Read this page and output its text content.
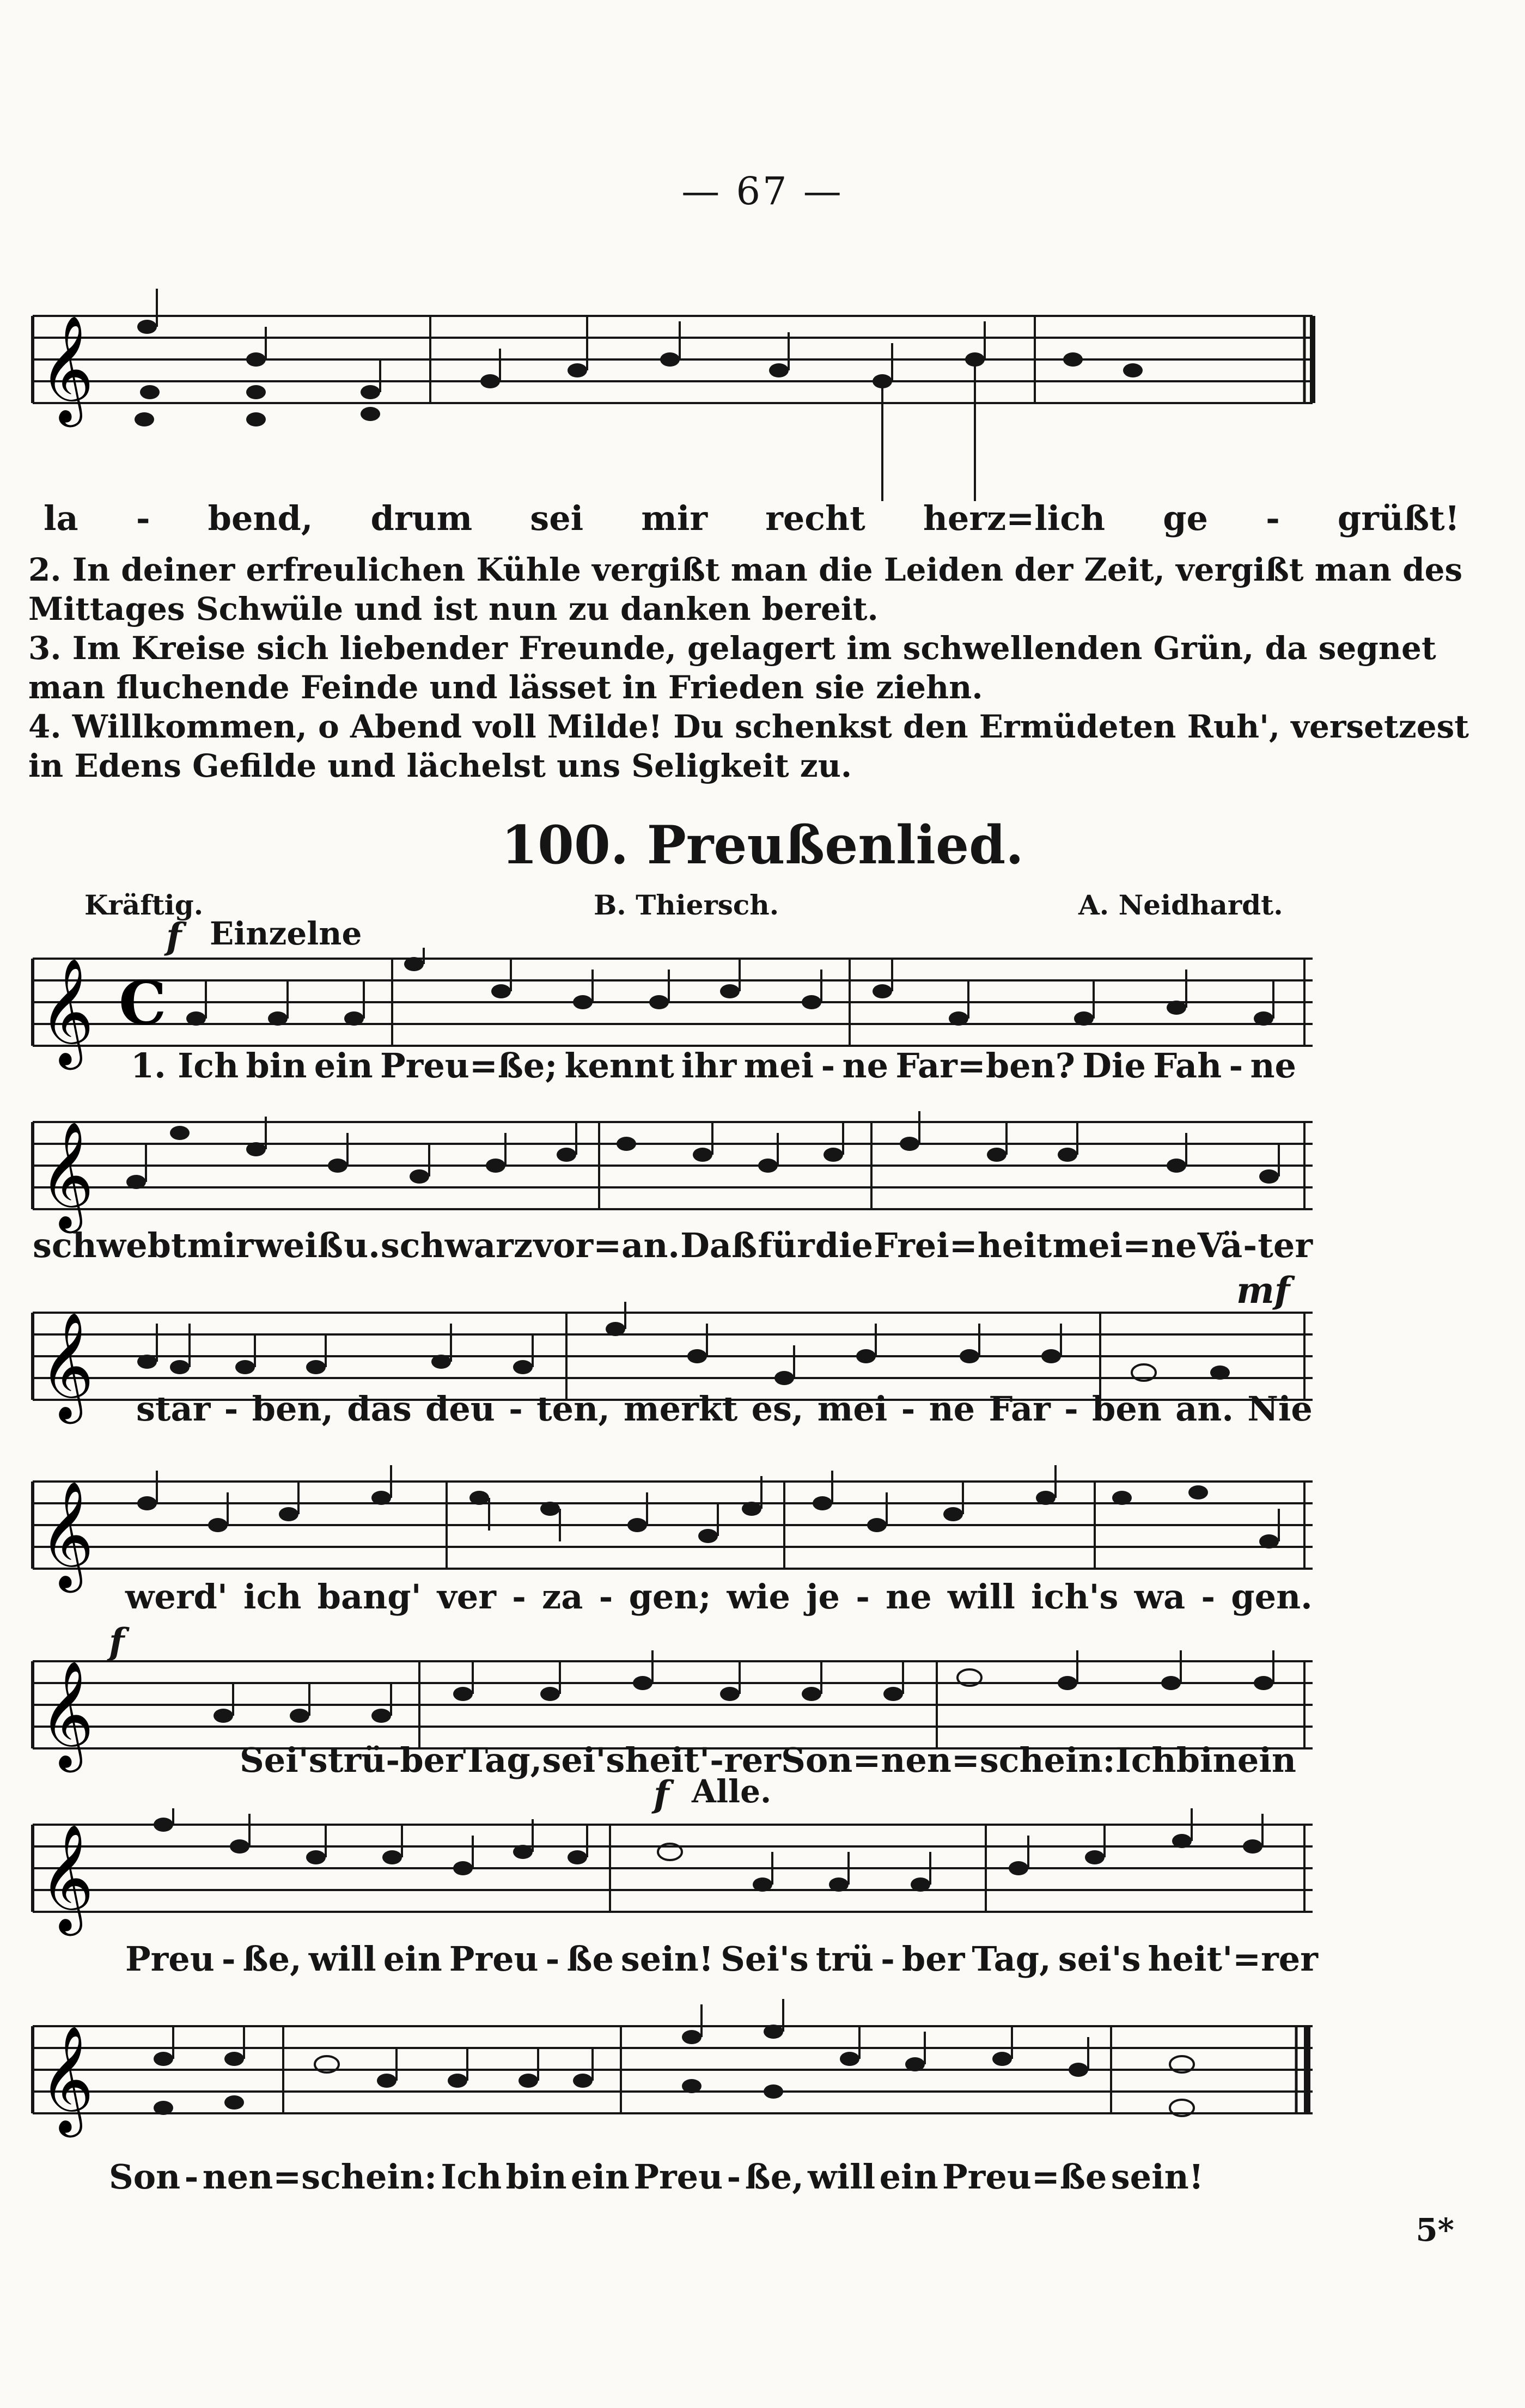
— 67 —
𝄞
la - bend, drum sei mir recht herz=lich ge - grüßt!

2. In deiner erfreulichen Kühle vergißt man die Leiden der Zeit, vergißt man des Mittages Schwüle und ist nun zu danken bereit.

3. Im Kreise sich liebender Freunde, gelagert im schwellenden Grün, da segnet man fluchende Feinde und lässet in Frieden sie ziehn.

4. Willkommen, o Abend voll Milde! Du schenkst den Ermüdeten Ruh', versetzest in Edens Gefilde und lächelst uns Seligkeit zu.

100. Preußenlied.
Kräftig.	B. Thiersch.	A. Neidhardt.
f Einzelne
𝄞 C
1. Ich bin ein Preu=ße; kennt ihr mei - ne Far=ben? Die Fah - ne
𝄞
schwebt mir weiß u. schwarz vor=an. Daß für die Frei=heit mei=ne Vä - ter
mf
𝄞 star - ben, das deu - ten, merkt es, mei - ne Far - ben an. Nie
𝄞
werd' ich bang' ver - za - gen; wie je - ne will ich's wa - gen.
f
𝄞	Sei's trü - ber Tag, sei's heit' - rer Son=nen=schein: Ich bin ein
f Alle.
𝄞
Preu - ße, will ein Preu - ße sein! Sei's trü - ber Tag, sei's heit'=rer
𝄞
Son - nen=schein: Ich bin ein Preu - ße, will ein Preu=ße sein!
5*
